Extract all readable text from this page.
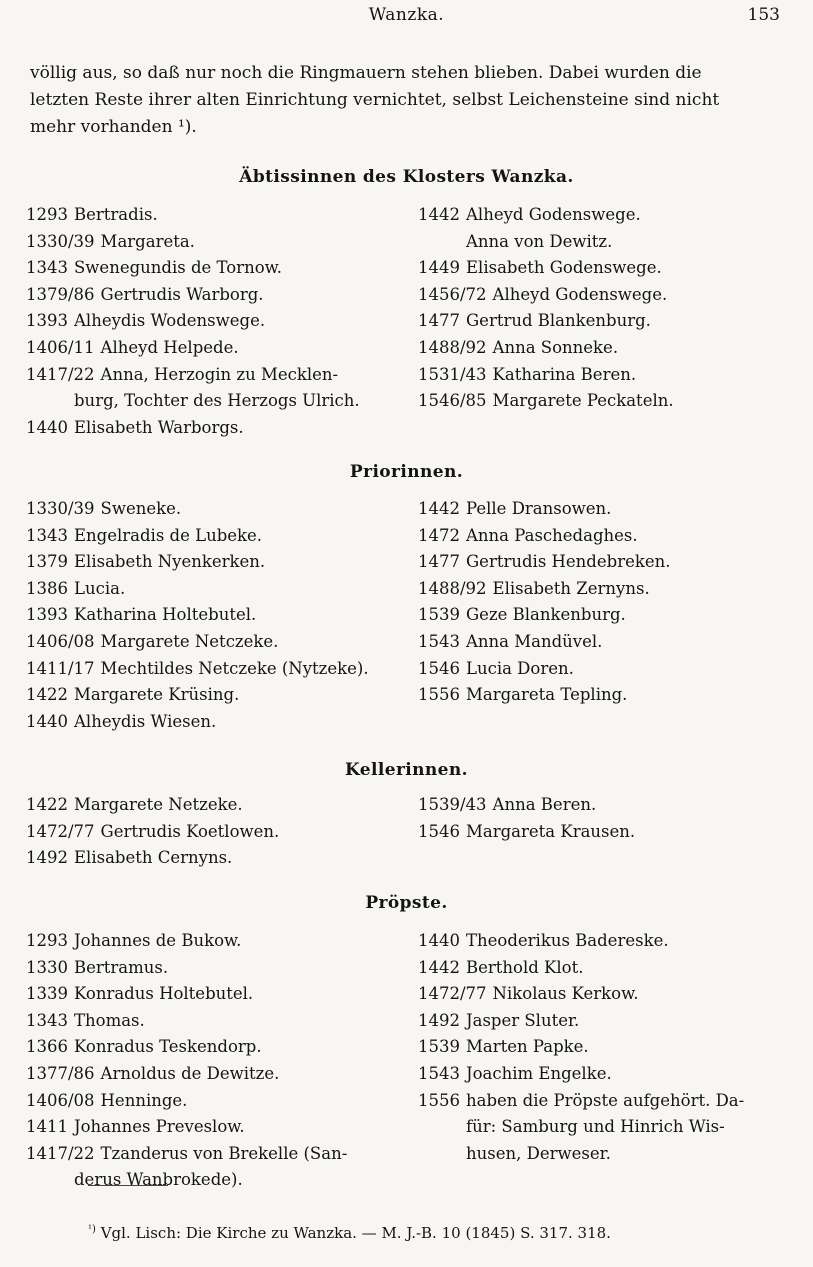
Wanzka.	153

völlig aus, so daß nur noch die Ringmauern stehen blieben. Dabei wurden die

letzten Reste ihrer alten Einrichtung vernichtet, selbst Leichensteine sind nicht

mehr vorhanden ¹).

Äbtissinnen des Klosters Wanzka.
1293 Bertradis.
1330/39 Margareta.
1343 Swenegundis de Tornow.
1379/86 Gertrudis Warborg.
1393 Alheydis Wodenswege.
1406/11 Alheyd Helpede.
1417/22 Anna, Herzogin zu Mecklen-
burg, Tochter des Herzogs Ulrich.
1440 Elisabeth Warborgs.
1442 Alheyd Godenswege.
Anna von Dewitz.
1449 Elisabeth Godenswege.
1456/72 Alheyd Godenswege.
1477 Gertrud Blankenburg.
1488/92 Anna Sonneke.
1531/43 Katharina Beren.
1546/85 Margarete Peckateln.
Priorinnen.
1330/39 Sweneke.
1343 Engelradis de Lubeke.
1379 Elisabeth Nyenkerken.
1386 Lucia.
1393 Katharina Holtebutel.
1406/08 Margarete Netczeke.
1411/17 Mechtildes Netczeke (Nytzeke).
1422 Margarete Krüsing.
1440 Alheydis Wiesen.
1442 Pelle Dransowen.
1472 Anna Paschedaghes.
1477 Gertrudis Hendebreken.
1488/92 Elisabeth Zernyns.
1539 Geze Blankenburg.
1543 Anna Mandüvel.
1546 Lucia Doren.
1556 Margareta Tepling.
Kellerinnen.
1422 Margarete Netzeke.
1472/77 Gertrudis Koetlowen.
1492 Elisabeth Cernyns.
1539/43 Anna Beren.
1546 Margareta Krausen.
Pröpste.
1293 Johannes de Bukow.
1330 Bertramus.
1339 Konradus Holtebutel.
1343 Thomas.
1366 Konradus Teskendorp.
1377/86 Arnoldus de Dewitze.
1406/08 Henninge.
1411 Johannes Preveslow.
1417/22 Tzanderus von Brekelle (San-
derus Wanbrokede).
1440 Theoderikus Badereske.
1442 Berthold Klot.
1472/77 Nikolaus Kerkow.
1492 Jasper Sluter.
1539 Marten Papke.
1543 Joachim Engelke.
1556 haben die Pröpste aufgehört. Da-
für: Samburg und Hinrich Wis-
husen, Derweser.
$^{^1)}$ Vgl. Lisch: Die Kirche zu Wanzka. — M. J.-B. 10 (1845) S. 317. 318.
